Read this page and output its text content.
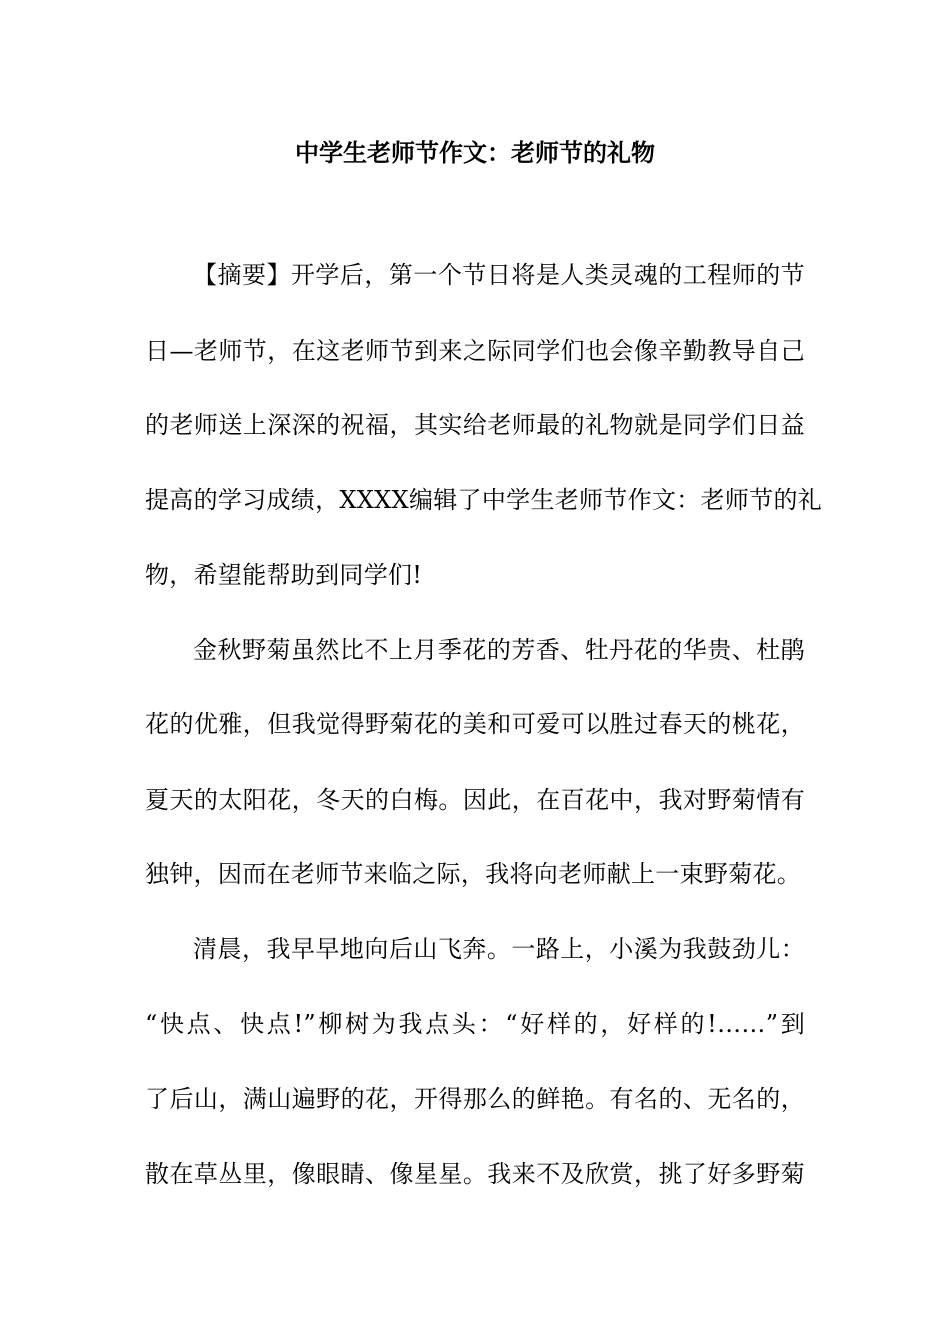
中学生老师节作文：老师节的礼物
【摘要】开学后，第一个节日将是人类灵魂的工程师的节
日—老师节，在这老师节到来之际同学们也会像辛勤教导自己
的老师送上深深的祝福，其实给老师最的礼物就是同学们日益
提高的学习成绩，XXXX编辑了中学生老师节作文：老师节的礼
物，希望能帮助到同学们!
金秋野菊虽然比不上月季花的芳香、牡丹花的华贵、杜鹃
花的优雅，但我觉得野菊花的美和可爱可以胜过春天的桃花，
夏天的太阳花，冬天的白梅。因此，在百花中，我对野菊情有
独钟，因而在老师节来临之际，我将向老师献上一束野菊花。
清晨，我早早地向后山飞奔。一路上，小溪为我鼓劲儿：
“快点、快点!”柳树为我点头：“好样的，好样的!……”到
了后山，满山遍野的花，开得那么的鲜艳。有名的、无名的，
散在草丛里，像眼睛、像星星。我来不及欣赏，挑了好多野菊
